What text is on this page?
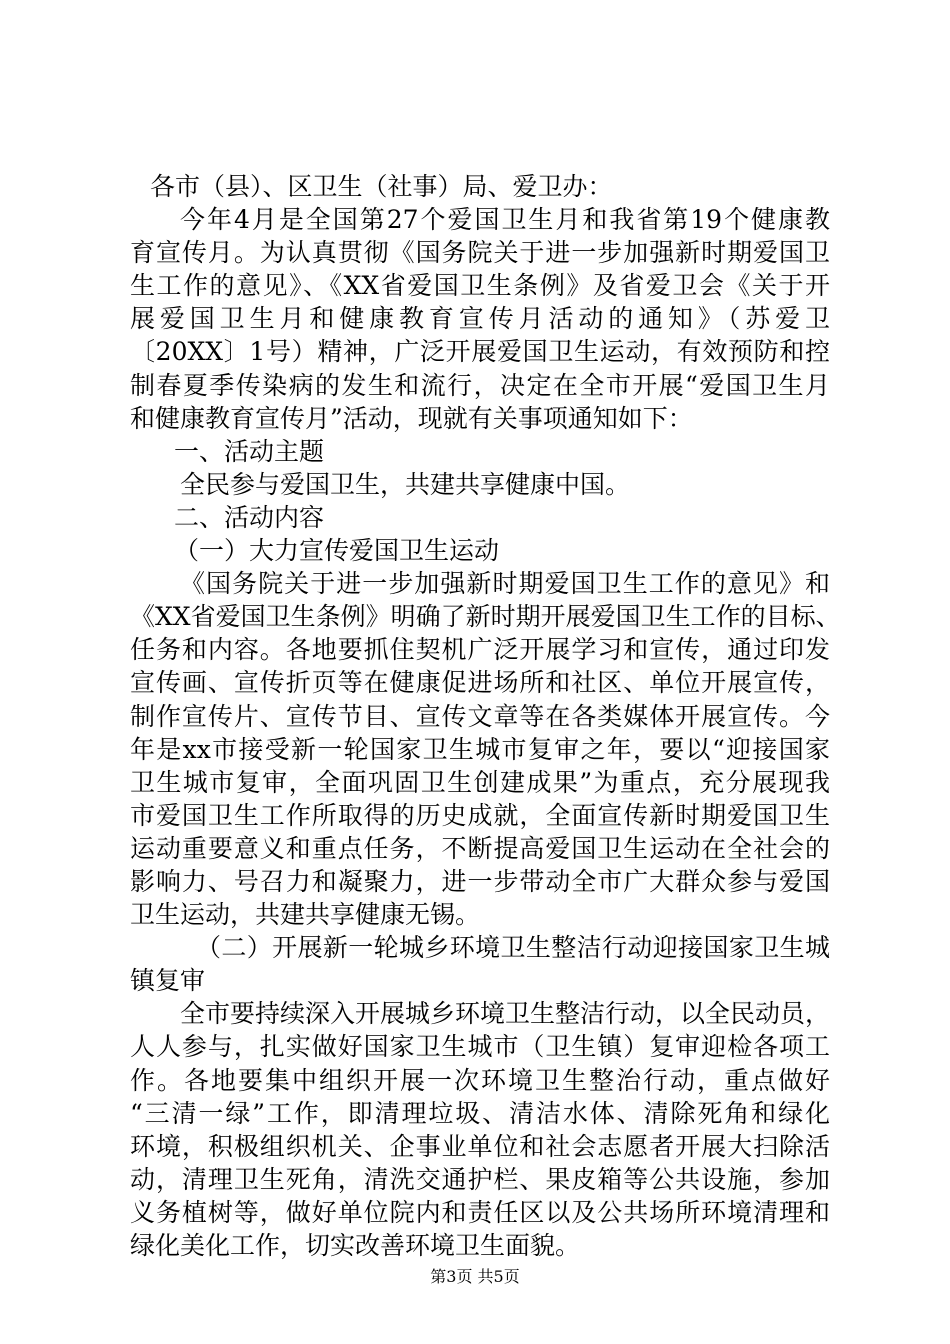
各市（县）、区卫生（社事）局、爱卫办：
今年4月是全国第27个爱国卫生月和我省第19个健康教
育宣传月。为认真贯彻《国务院关于进一步加强新时期爱国卫
生工作的意见》、《XX省爱国卫生条例》及省爱卫会《关于开
展爱国卫生月和健康教育宣传月活动的通知》（苏爱卫
〔20XX〕1号）精神，广泛开展爱国卫生运动，有效预防和控
制春夏季传染病的发生和流行，决定在全市开展“爱国卫生月
和健康教育宣传月”活动，现就有关事项通知如下：
一、活动主题
全民参与爱国卫生，共建共享健康中国。
二、活动内容
（一）大力宣传爱国卫生运动
《国务院关于进一步加强新时期爱国卫生工作的意见》和
《XX省爱国卫生条例》明确了新时期开展爱国卫生工作的目标、
任务和内容。各地要抓住契机广泛开展学习和宣传，通过印发
宣传画、宣传折页等在健康促进场所和社区、单位开展宣传，
制作宣传片、宣传节目、宣传文章等在各类媒体开展宣传。今
年是xx市接受新一轮国家卫生城市复审之年，要以“迎接国家
卫生城市复审，全面巩固卫生创建成果”为重点，充分展现我
市爱国卫生工作所取得的历史成就，全面宣传新时期爱国卫生
运动重要意义和重点任务，不断提高爱国卫生运动在全社会的
影响力、号召力和凝聚力，进一步带动全市广大群众参与爱国
卫生运动，共建共享健康无锡。
（二）开展新一轮城乡环境卫生整洁行动迎接国家卫生城
镇复审
全市要持续深入开展城乡环境卫生整洁行动，以全民动员，
人人参与，扎实做好国家卫生城市（卫生镇）复审迎检各项工
作。各地要集中组织开展一次环境卫生整治行动，重点做好
“三清一绿”工作，即清理垃圾、清洁水体、清除死角和绿化
环境，积极组织机关、企事业单位和社会志愿者开展大扫除活
动，清理卫生死角，清洗交通护栏、果皮箱等公共设施，参加
义务植树等，做好单位院内和责任区以及公共场所环境清理和
绿化美化工作，切实改善环境卫生面貌。
第3页 共5页
